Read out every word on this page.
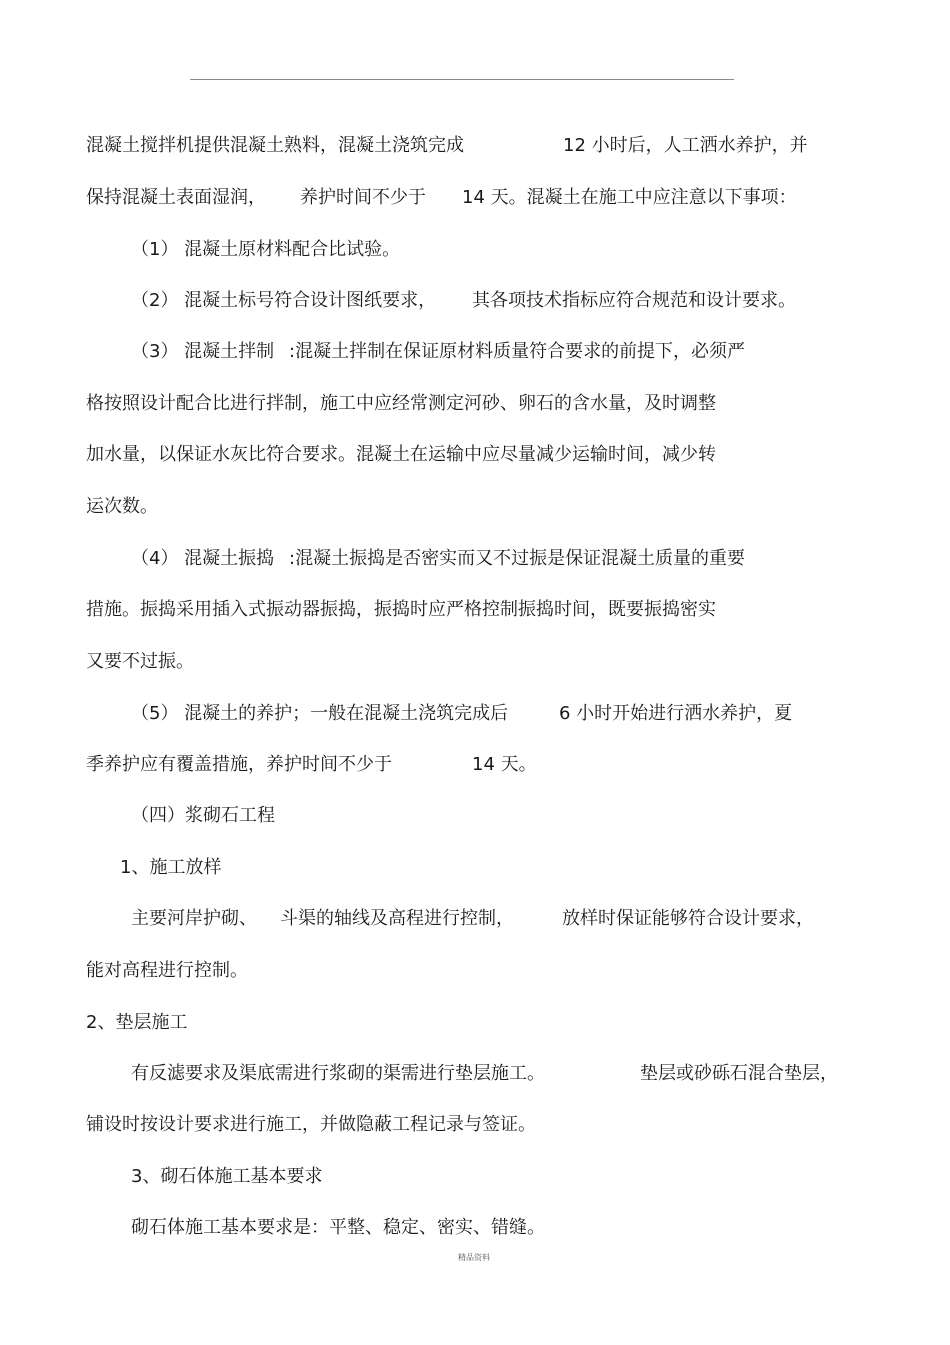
混凝土搅拌机提供混凝土熟料，混凝土浇筑完成	12 小时后，人工洒水养护，并
保持混凝土表面湿润， 养护时间不少于 14 天。混凝土在施工中应注意以下事项：
（1） 混凝土原材料配合比试验。
（2） 混凝土标号符合设计图纸要求， 其各项技术指标应符合规范和设计要求。
（3） 混凝土拌制 :混凝土拌制在保证原材料质量符合要求的前提下，必须严
格按照设计配合比进行拌制，施工中应经常测定河砂、卵石的含水量，及时调整
加水量，以保证水灰比符合要求。混凝土在运输中应尽量减少运输时间，减少转
运次数。
（4） 混凝土振捣 :混凝土振捣是否密实而又不过振是保证混凝土质量的重要
措施。振捣采用插入式振动器振捣，振捣时应严格控制振捣时间，既要振捣密实
又要不过振。
（5） 混凝土的养护；一般在混凝土浇筑完成后	6 小时开始进行洒水养护，夏
季养护应有覆盖措施，养护时间不少于	14 天。
（四）浆砌石工程
1、施工放样
主要河岸护砌、 斗渠的轴线及高程进行控制，	放样时保证能够符合设计要求，
能对高程进行控制。
2、垫层施工
有反滤要求及渠底需进行浆砌的渠需进行垫层施工。	垫层或砂砾石混合垫层，
铺设时按设计要求进行施工，并做隐蔽工程记录与签证。
3、砌石体施工基本要求
砌石体施工基本要求是：平整、稳定、密实、错缝。
精品资料
